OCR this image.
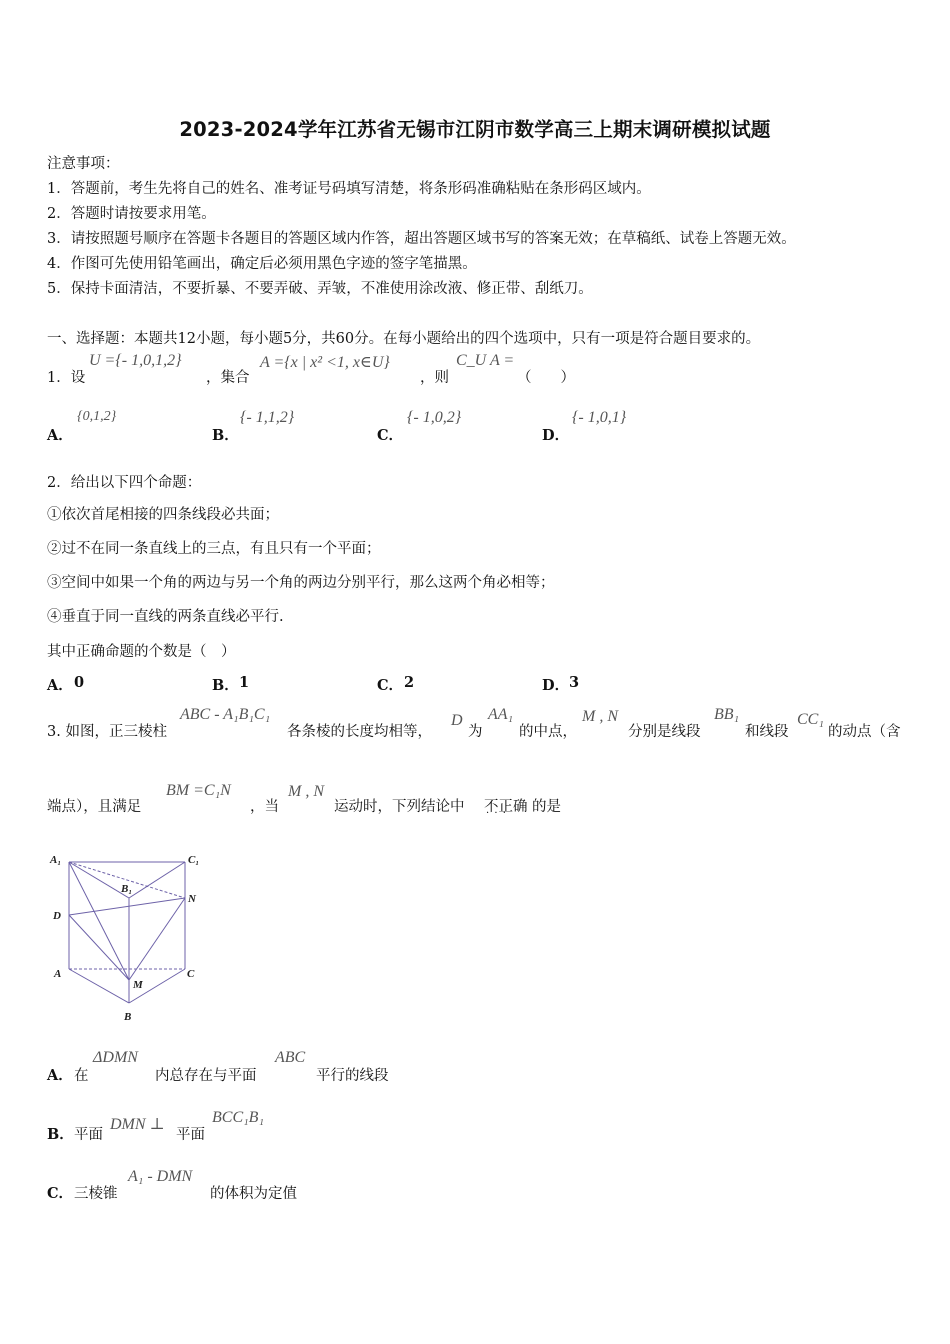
2023-2024学年江苏省无锡市江阴市数学高三上期末调研模拟试题
注意事项：
1．答题前，考生先将自己的姓名、准考证号码填写清楚，将条形码准确粘贴在条形码区域内。
2．答题时请按要求用笔。
3．请按照题号顺序在答题卡各题目的答题区域内作答，超出答题区域书写的答案无效；在草稿纸、试卷上答题无效。
4．作图可先使用铅笔画出，确定后必须用黑色字迹的签字笔描黑。
5．保持卡面清洁，不要折暴、不要弄破、弄皱，不准使用涂改液、修正带、刮纸刀。
一、选择题：本题共12小题，每小题5分，共60分。在每小题给出的四个选项中，只有一项是符合题目要求的。
1．设
U ={- 1,0,1,2}
，集合
A ={x | x² <1, x∈U}
，则
C_U A =
（　　）
A．
{0,1,2}
B．
{- 1,1,2}
C．
{- 1,0,2}
D．
{- 1,0,1}
2．给出以下四个命题：
①依次首尾相接的四条线段必共面；
②过不在同一条直线上的三点，有且只有一个平面；
③空间中如果一个角的两边与另一个角的两边分别平行，那么这两个角必相等；
④垂直于同一直线的两条直线必平行.
其中正确命题的个数是（　）
A． 0	B． 1	C． 2	D． 3
3. 如图，正三棱柱
ABC - A₁B₁C₁
各条棱的长度均相等，
D
为
AA₁
的中点，
M , N
分别是线段
BB₁
和线段
CC₁
的动点（含
端点），且满足
BM =C₁N
，当
M , N
运动时，下列结论中 不正确 · · · 的是
A₁	C₁
B₁
N
D
A	C
M
B
A． 在
ΔDMN
内总存在与平面
ABC
平行的线段
B． 平面
DMN ⊥
平面
BCC₁B₁
C． 三棱锥
A₁ - DMN
的体积为定值
